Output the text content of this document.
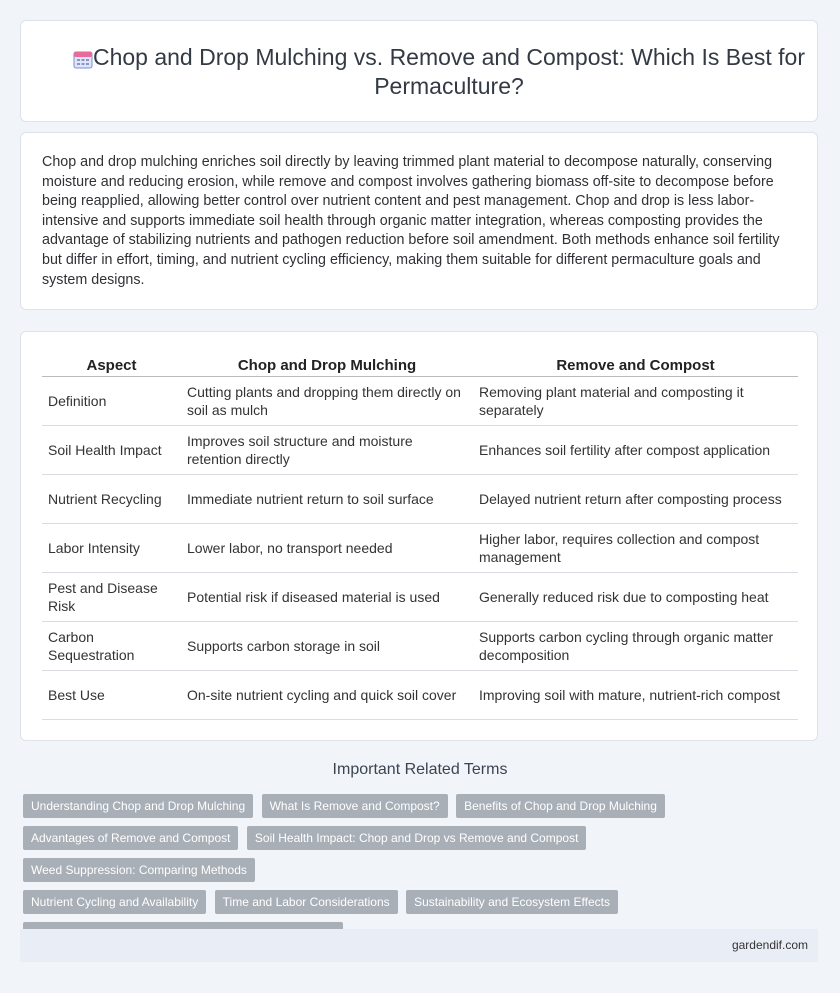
Chop and Drop Mulching vs. Remove and Compost: Which Is Best for Permaculture?

Chop and drop mulching enriches soil directly by leaving trimmed plant material to decompose naturally, conserving moisture and reducing erosion, while remove and compost involves gathering biomass off-site to decompose before being reapplied, allowing better control over nutrient content and pest management. Chop and drop is less labor-intensive and supports immediate soil health through organic matter integration, whereas composting provides the advantage of stabilizing nutrients and pathogen reduction before soil amendment. Both methods enhance soil fertility but differ in effort, timing, and nutrient cycling efficiency, making them suitable for different permaculture goals and system designs.

Aspect	Chop and Drop Mulching	Remove and Compost
Definition	Cutting plants and dropping them directly on soil as mulch	Removing plant material and composting it separately
Soil Health Impact	Improves soil structure and moisture retention directly	Enhances soil fertility after compost application
Nutrient Recycling	Immediate nutrient return to soil surface	Delayed nutrient return after composting process
Labor Intensity	Lower labor, no transport needed	Higher labor, requires collection and compost management
Pest and Disease Risk	Potential risk if diseased material is used	Generally reduced risk due to composting heat
Carbon Sequestration	Supports carbon storage in soil	Supports carbon cycling through organic matter decomposition
Best Use	On-site nutrient cycling and quick soil cover	Improving soil with mature, nutrient-rich compost
Important Related Terms
Understanding Chop and Drop Mulching What Is Remove and Compost? Benefits of Chop and Drop Mulching
Advantages of Remove and Compost Soil Health Impact: Chop and Drop vs Remove and Compost Weed Suppression: Comparing Methods
Nutrient Cycling and Availability Time and Labor Considerations Sustainability and Ecosystem Effects

gardendif.com
